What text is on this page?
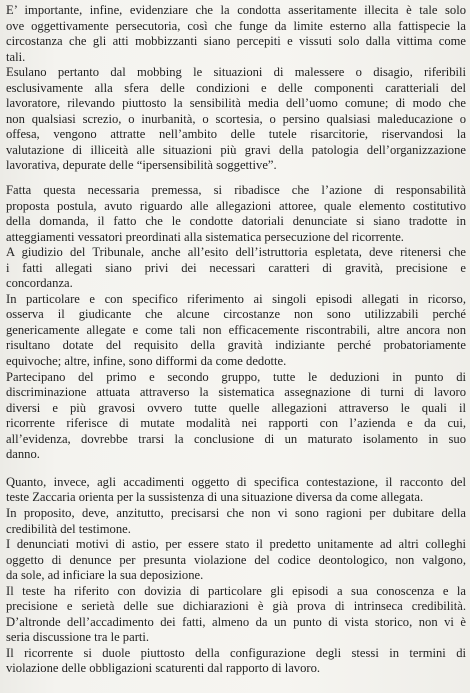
E’ importante, infine, evidenziare che la condotta asseritamente illecita è tale solo
ove oggettivamente persecutoria, così che funge da limite esterno alla fattispecie la
circostanza che gli atti mobbizzanti siano percepiti e vissuti solo dalla vittima come
tali.
Esulano pertanto dal mobbing le situazioni di malessere o disagio, riferibili
esclusivamente alla sfera delle condizioni e delle componenti caratteriali del
lavoratore, rilevando piuttosto la sensibilità media dell’uomo comune; di modo che
non qualsiasi screzio, o inurbanità, o scortesia, o persino qualsiasi maleducazione o
offesa, vengono attratte nell’ambito delle tutele risarcitorie, riservandosi la
valutazione di illiceità alle situazioni più gravi della patologia dell’organizzazione
lavorativa, depurate delle “ipersensibilità soggettive”.
Fatta questa necessaria premessa, si ribadisce che l’azione di responsabilità
proposta postula, avuto riguardo alle allegazioni attoree, quale elemento costitutivo
della domanda, il fatto che le condotte datoriali denunciate si siano tradotte in
atteggiamenti vessatori preordinati alla sistematica persecuzione del ricorrente.
A giudizio del Tribunale, anche all’esito dell’istruttoria espletata, deve ritenersi che
i fatti allegati siano privi dei necessari caratteri di gravità, precisione e
concordanza.
In particolare e con specifico riferimento ai singoli episodi allegati in ricorso,
osserva il giudicante che alcune circostanze non sono utilizzabili perché
genericamente allegate e come tali non efficacemente riscontrabili, altre ancora non
risultano dotate del requisito della gravità indiziante perché probatoriamente
equivoche; altre, infine, sono difformi da come dedotte.
Partecipano del primo e secondo gruppo, tutte le deduzioni in punto di
discriminazione attuata attraverso la sistematica assegnazione di turni di lavoro
diversi e più gravosi ovvero tutte quelle allegazioni attraverso le quali il
ricorrente riferisce di mutate modalità nei rapporti con l’azienda e da cui,
all’evidenza, dovrebbe trarsi la conclusione di un maturato isolamento in suo
danno.
Quanto, invece, agli accadimenti oggetto di specifica contestazione, il racconto del
teste Zaccaria orienta per la sussistenza di una situazione diversa da come allegata.
In proposito, deve, anzitutto, precisarsi che non vi sono ragioni per dubitare della
credibilità del testimone.
I denunciati motivi di astio, per essere stato il predetto unitamente ad altri colleghi
oggetto di denunce per presunta violazione del codice deontologico, non valgono,
da sole, ad inficiare la sua deposizione.
Il teste ha riferito con dovizia di particolare gli episodi a sua conoscenza e la
precisione e serietà delle sue dichiarazioni è già prova di intrinseca credibilità.
D’altronde dell’accadimento dei fatti, almeno da un punto di vista storico, non vi è
seria discussione tra le parti.
Il ricorrente si duole piuttosto della configurazione degli stessi in termini di
violazione delle obbligazioni scaturenti dal rapporto di lavoro.
